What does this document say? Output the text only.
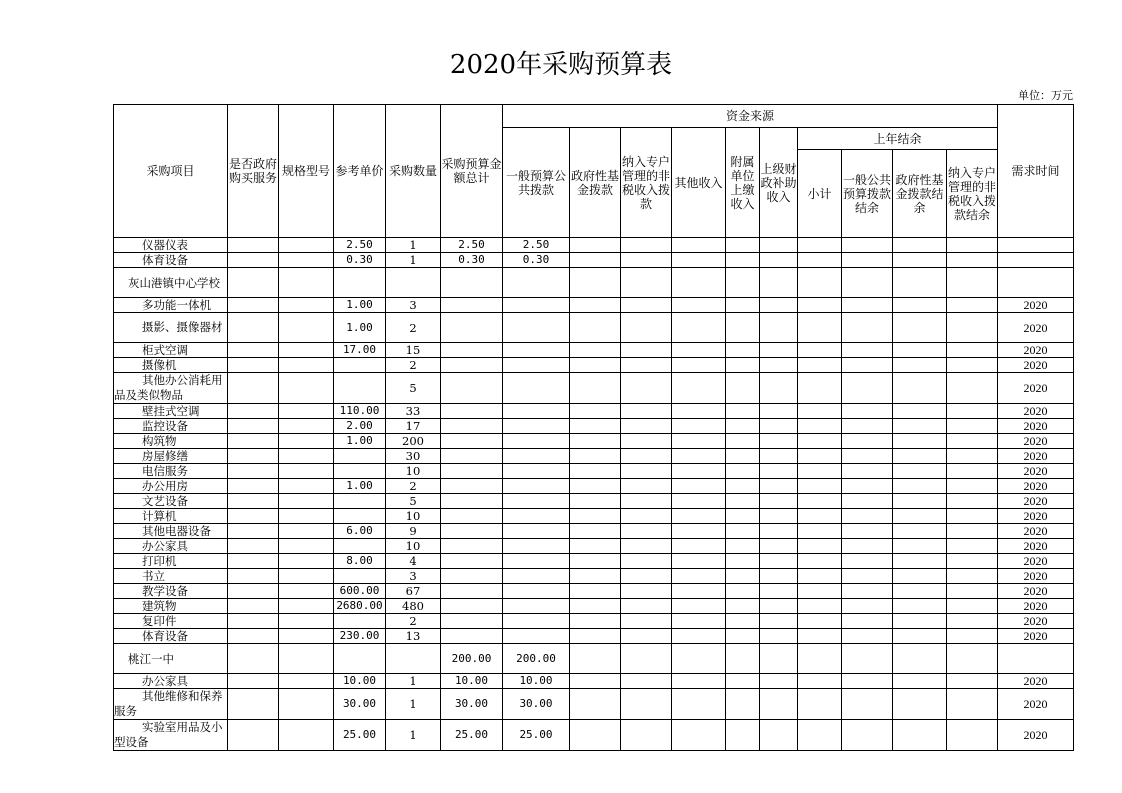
2020年采购预算表
单位：万元
采购项目	是否政府购买服务	规格型号	参考单价	采购数量	采购预算金额总计	资金来源										需求时间
						一般预算公共拨款	政府性基金拨款	纳入专户管理的非税收入拨款	其他收入	附属单位上缴收入	上级财政补助收入	上年结余				
												小计	一般公共预算拨款结余	政府性基金拨款结余	纳入专户管理的非税收入拨款结余	

仪器仪表			2.50	1	2.50	2.50										
体育设备			0.30	1	0.30	0.30										
灰山港镇中心学校																
多功能一体机			1.00	3												2020
摄影、摄像器材			1.00	2												2020
柜式空调			17.00	15												2020
摄像机				2												2020
其他办公消耗用品及类似物品				5												2020
壁挂式空调			110.00	33												2020
监控设备			2.00	17												2020
构筑物			1.00	200												2020
房屋修缮				30												2020
电信服务				10												2020
办公用房			1.00	2												2020
文艺设备				5												2020
计算机				10												2020
其他电器设备			6.00	9												2020
办公家具				10												2020
打印机			8.00	4												2020
书立				3												2020
教学设备			600.00	67												2020
建筑物			2680.00	480												2020
复印件				2												2020
体育设备			230.00	13												2020
桃江一中					200.00	200.00										
办公家具			10.00	1	10.00	10.00										2020
其他维修和保养服务			30.00	1	30.00	30.00										2020
实验室用品及小型设备			25.00	1	25.00	25.00										2020
